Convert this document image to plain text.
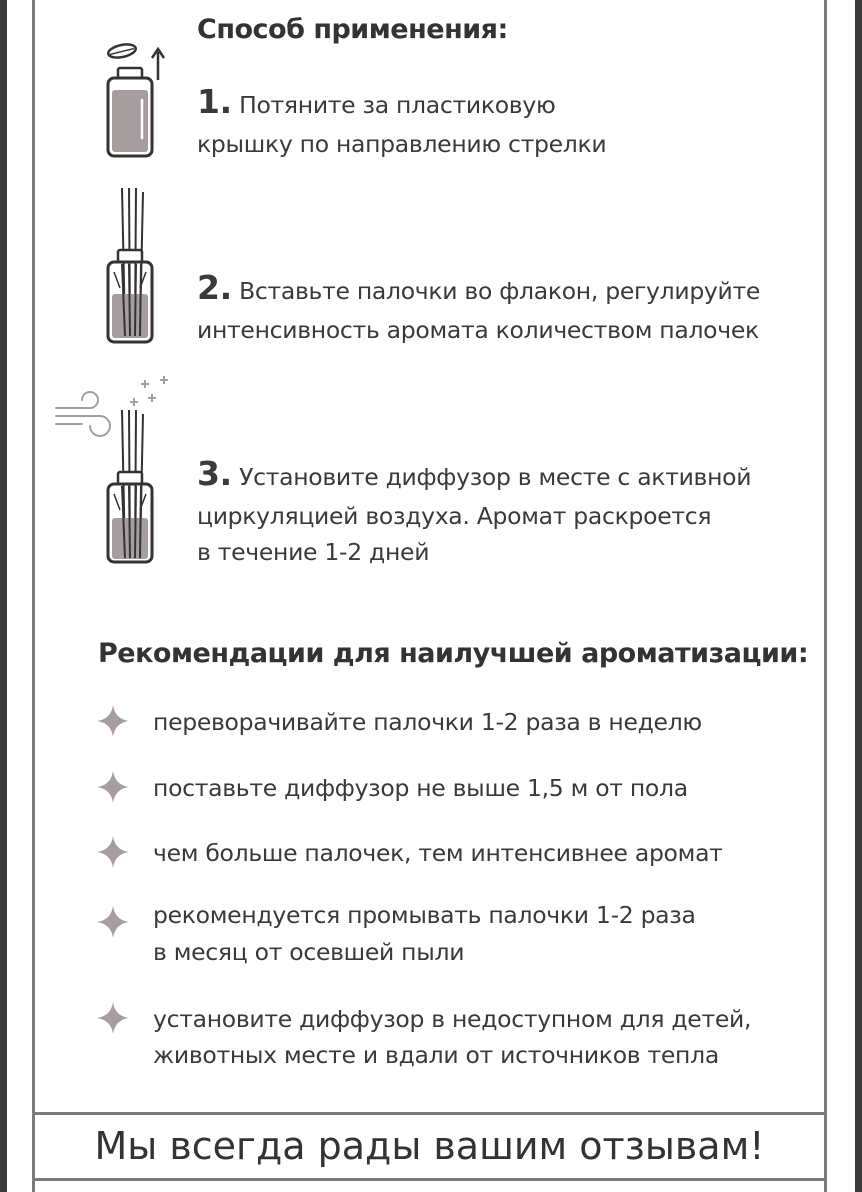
Способ применения:
1. Потяните за пластиковую
крышку по направлению стрелки
2. Вставьте палочки во флакон, регулируйте
интенсивность аромата количеством палочек
3. Установите диффузор в месте с активной
циркуляцией воздуха. Аромат раскроется
в течение 1-2 дней
Рекомендации для наилучшей ароматизации:
переворачивайте палочки 1-2 раза в неделю
поставьте диффузор не выше 1,5 м от пола
чем больше палочек, тем интенсивнее аромат
рекомендуется промывать палочки 1-2 раза
в месяц от осевшей пыли
установите диффузор в недоступном для детей,
животных месте и вдали от источников тепла
Мы всегда рады вашим отзывам!
